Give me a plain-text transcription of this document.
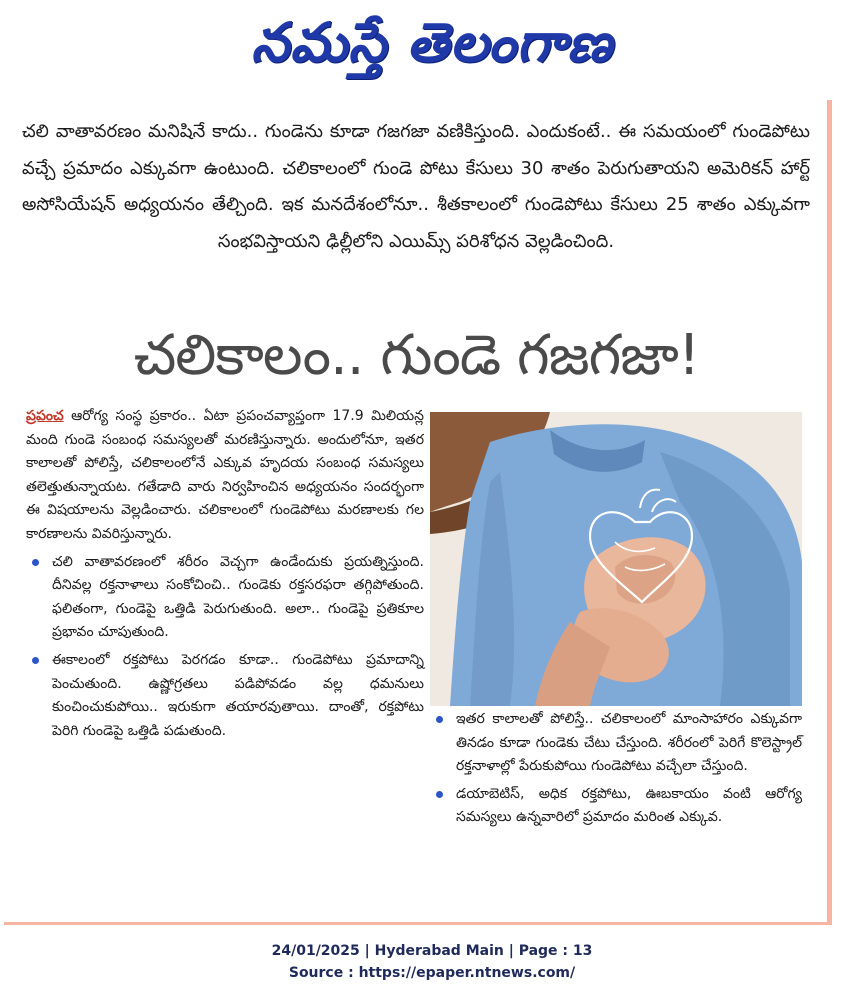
నమస్తే తెలంగాణ
చలి వాతావరణం మనిషినే కాదు.. గుండెను కూడా గజగజా వణికిస్తుంది. ఎందుకంటే.. ఈ సమయంలో గుండెపోటు వచ్చే ప్రమాదం ఎక్కువగా ఉంటుంది. చలికాలంలో గుండె పోటు కేసులు 30 శాతం పెరుగుతాయని అమెరికన్ హార్ట్ అసోసియేషన్ అధ్యయనం తేల్చింది. ఇక మనదేశంలోనూ.. శీతకాలంలో గుండెపోటు కేసులు 25 శాతం ఎక్కువగా సంభవిస్తాయని ఢిల్లీలోని ఎయిమ్స్ పరిశోధన వెల్లడించింది.
చలికాలం.. గుండె గజగజా!

ప్రపంచ ఆరోగ్య సంస్థ ప్రకారం.. ఏటా ప్రపంచవ్యాప్తంగా 17.9 మిలియన్ల మంది గుండె సంబంధ సమస్యలతో మరణిస్తున్నారు. అందులోనూ, ఇతర కాలాలతో పోలిస్తే, చలికాలంలోనే ఎక్కువ హృదయ సంబంధ సమస్యలు తలెత్తుతున్నాయట. గతేడాది వారు నిర్వహించిన అధ్యయనం సందర్భంగా ఈ విషయాలను వెల్లడించారు. చలికాలంలో గుండెపోటు మరణాలకు గల కారణాలను వివరిస్తున్నారు.

చలి వాతావరణంలో శరీరం వెచ్చగా ఉండేందుకు ప్రయత్నిస్తుంది. దీనివల్ల రక్తనాళాలు సంకోచించి.. గుండెకు రక్తసరఫరా తగ్గిపోతుంది. ఫలితంగా, గుండెపై ఒత్తిడి పెరుగుతుంది. అలా.. గుండెపై ప్రతికూల ప్రభావం చూపుతుంది.
ఈకాలంలో రక్తపోటు పెరగడం కూడా.. గుండెపోటు ప్రమాదాన్ని పెంచుతుంది. ఉష్ణోగ్రతలు పడిపోవడం వల్ల ధమనులు కుంచించుకుపోయి.. ఇరుకుగా తయారవుతాయి. దాంతో, రక్తపోటు పెరిగి గుండెపై ఒత్తిడి పడుతుంది.
ఇతర కాలాలతో పోలిస్తే.. చలికాలంలో మాంసాహారం ఎక్కువగా తినడం కూడా గుండెకు చేటు చేస్తుంది. శరీరంలో పెరిగే కొలెస్ట్రాల్ రక్తనాళాల్లో పేరుకుపోయి గుండెపోటు వచ్చేలా చేస్తుంది.
డయాబెటిస్, అధిక రక్తపోటు, ఊబకాయం వంటి ఆరోగ్య సమస్యలు ఉన్నవారిలో ప్రమాదం మరింత ఎక్కువ.
24/01/2025 | Hyderabad Main | Page : 13
Source : https://epaper.ntnews.com/
